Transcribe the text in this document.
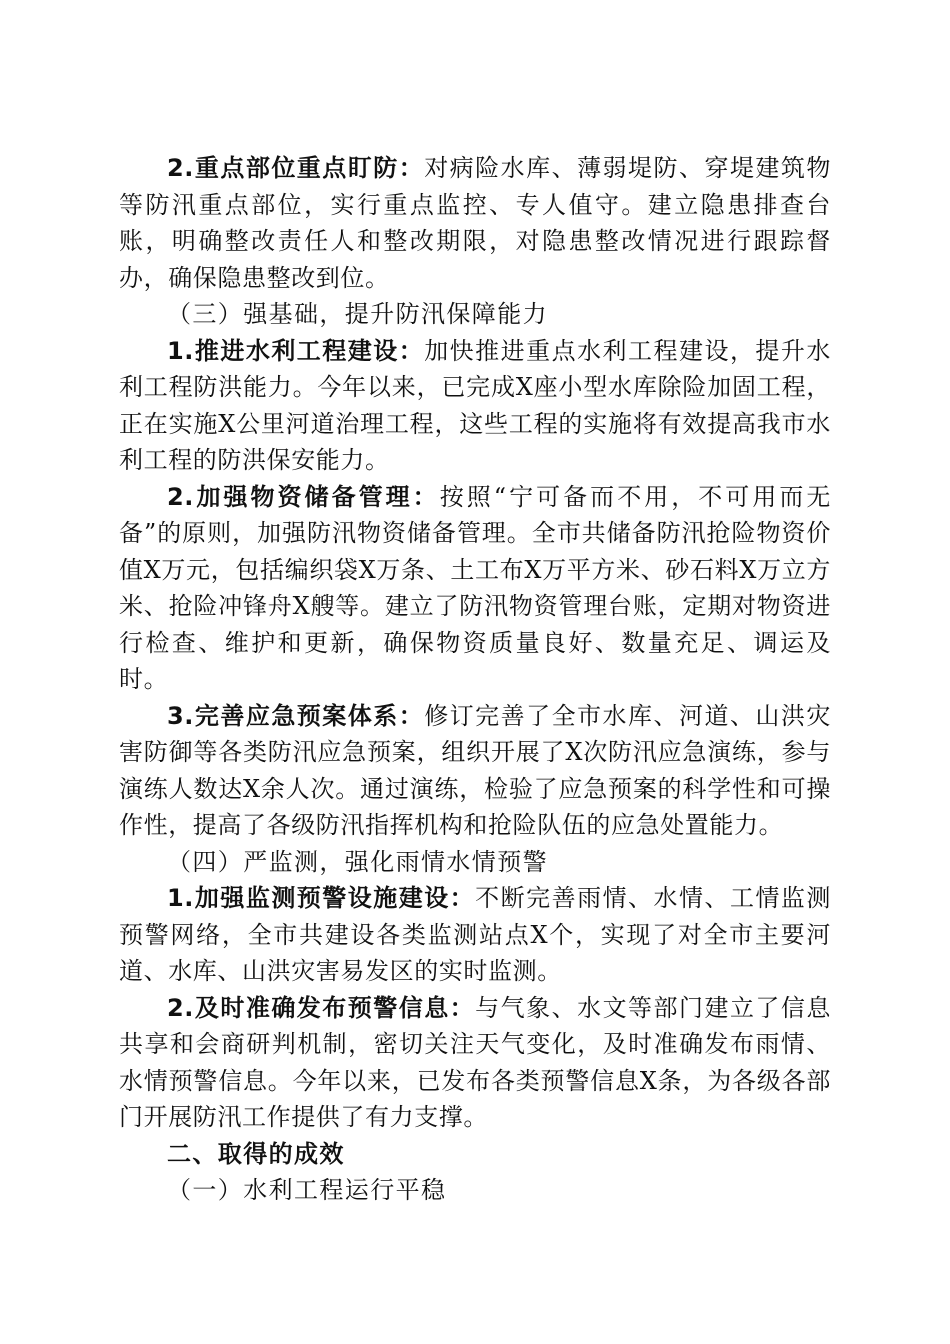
2.重点部位重点盯防：对病险水库、薄弱堤防、穿堤建筑物等防汛重点部位，实行重点监控、专人值守。建立隐患排查台账，明确整改责任人和整改期限，对隐患整改情况进行跟踪督办，确保隐患整改到位。

（三）强基础，提升防汛保障能力

1.推进水利工程建设：加快推进重点水利工程建设，提升水利工程防洪能力。今年以来，已完成X座小型水库除险加固工程，正在实施X公里河道治理工程，这些工程的实施将有效提高我市水利工程的防洪保安能力。

2.加强物资储备管理：按照“宁可备而不用，不可用而无备”的原则，加强防汛物资储备管理。全市共储备防汛抢险物资价值X万元，包括编织袋X万条、土工布X万平方米、砂石料X万立方米、抢险冲锋舟X艘等。建立了防汛物资管理台账，定期对物资进行检查、维护和更新，确保物资质量良好、数量充足、调运及时。

3.完善应急预案体系：修订完善了全市水库、河道、山洪灾害防御等各类防汛应急预案，组织开展了X次防汛应急演练，参与演练人数达X余人次。通过演练，检验了应急预案的科学性和可操作性，提高了各级防汛指挥机构和抢险队伍的应急处置能力。

（四）严监测，强化雨情水情预警

1.加强监测预警设施建设：不断完善雨情、水情、工情监测预警网络，全市共建设各类监测站点X个，实现了对全市主要河道、水库、山洪灾害易发区的实时监测。

2.及时准确发布预警信息：与气象、水文等部门建立了信息共享和会商研判机制，密切关注天气变化，及时准确发布雨情、水情预警信息。今年以来，已发布各类预警信息X条，为各级各部门开展防汛工作提供了有力支撑。

二、取得的成效

（一）水利工程运行平稳
